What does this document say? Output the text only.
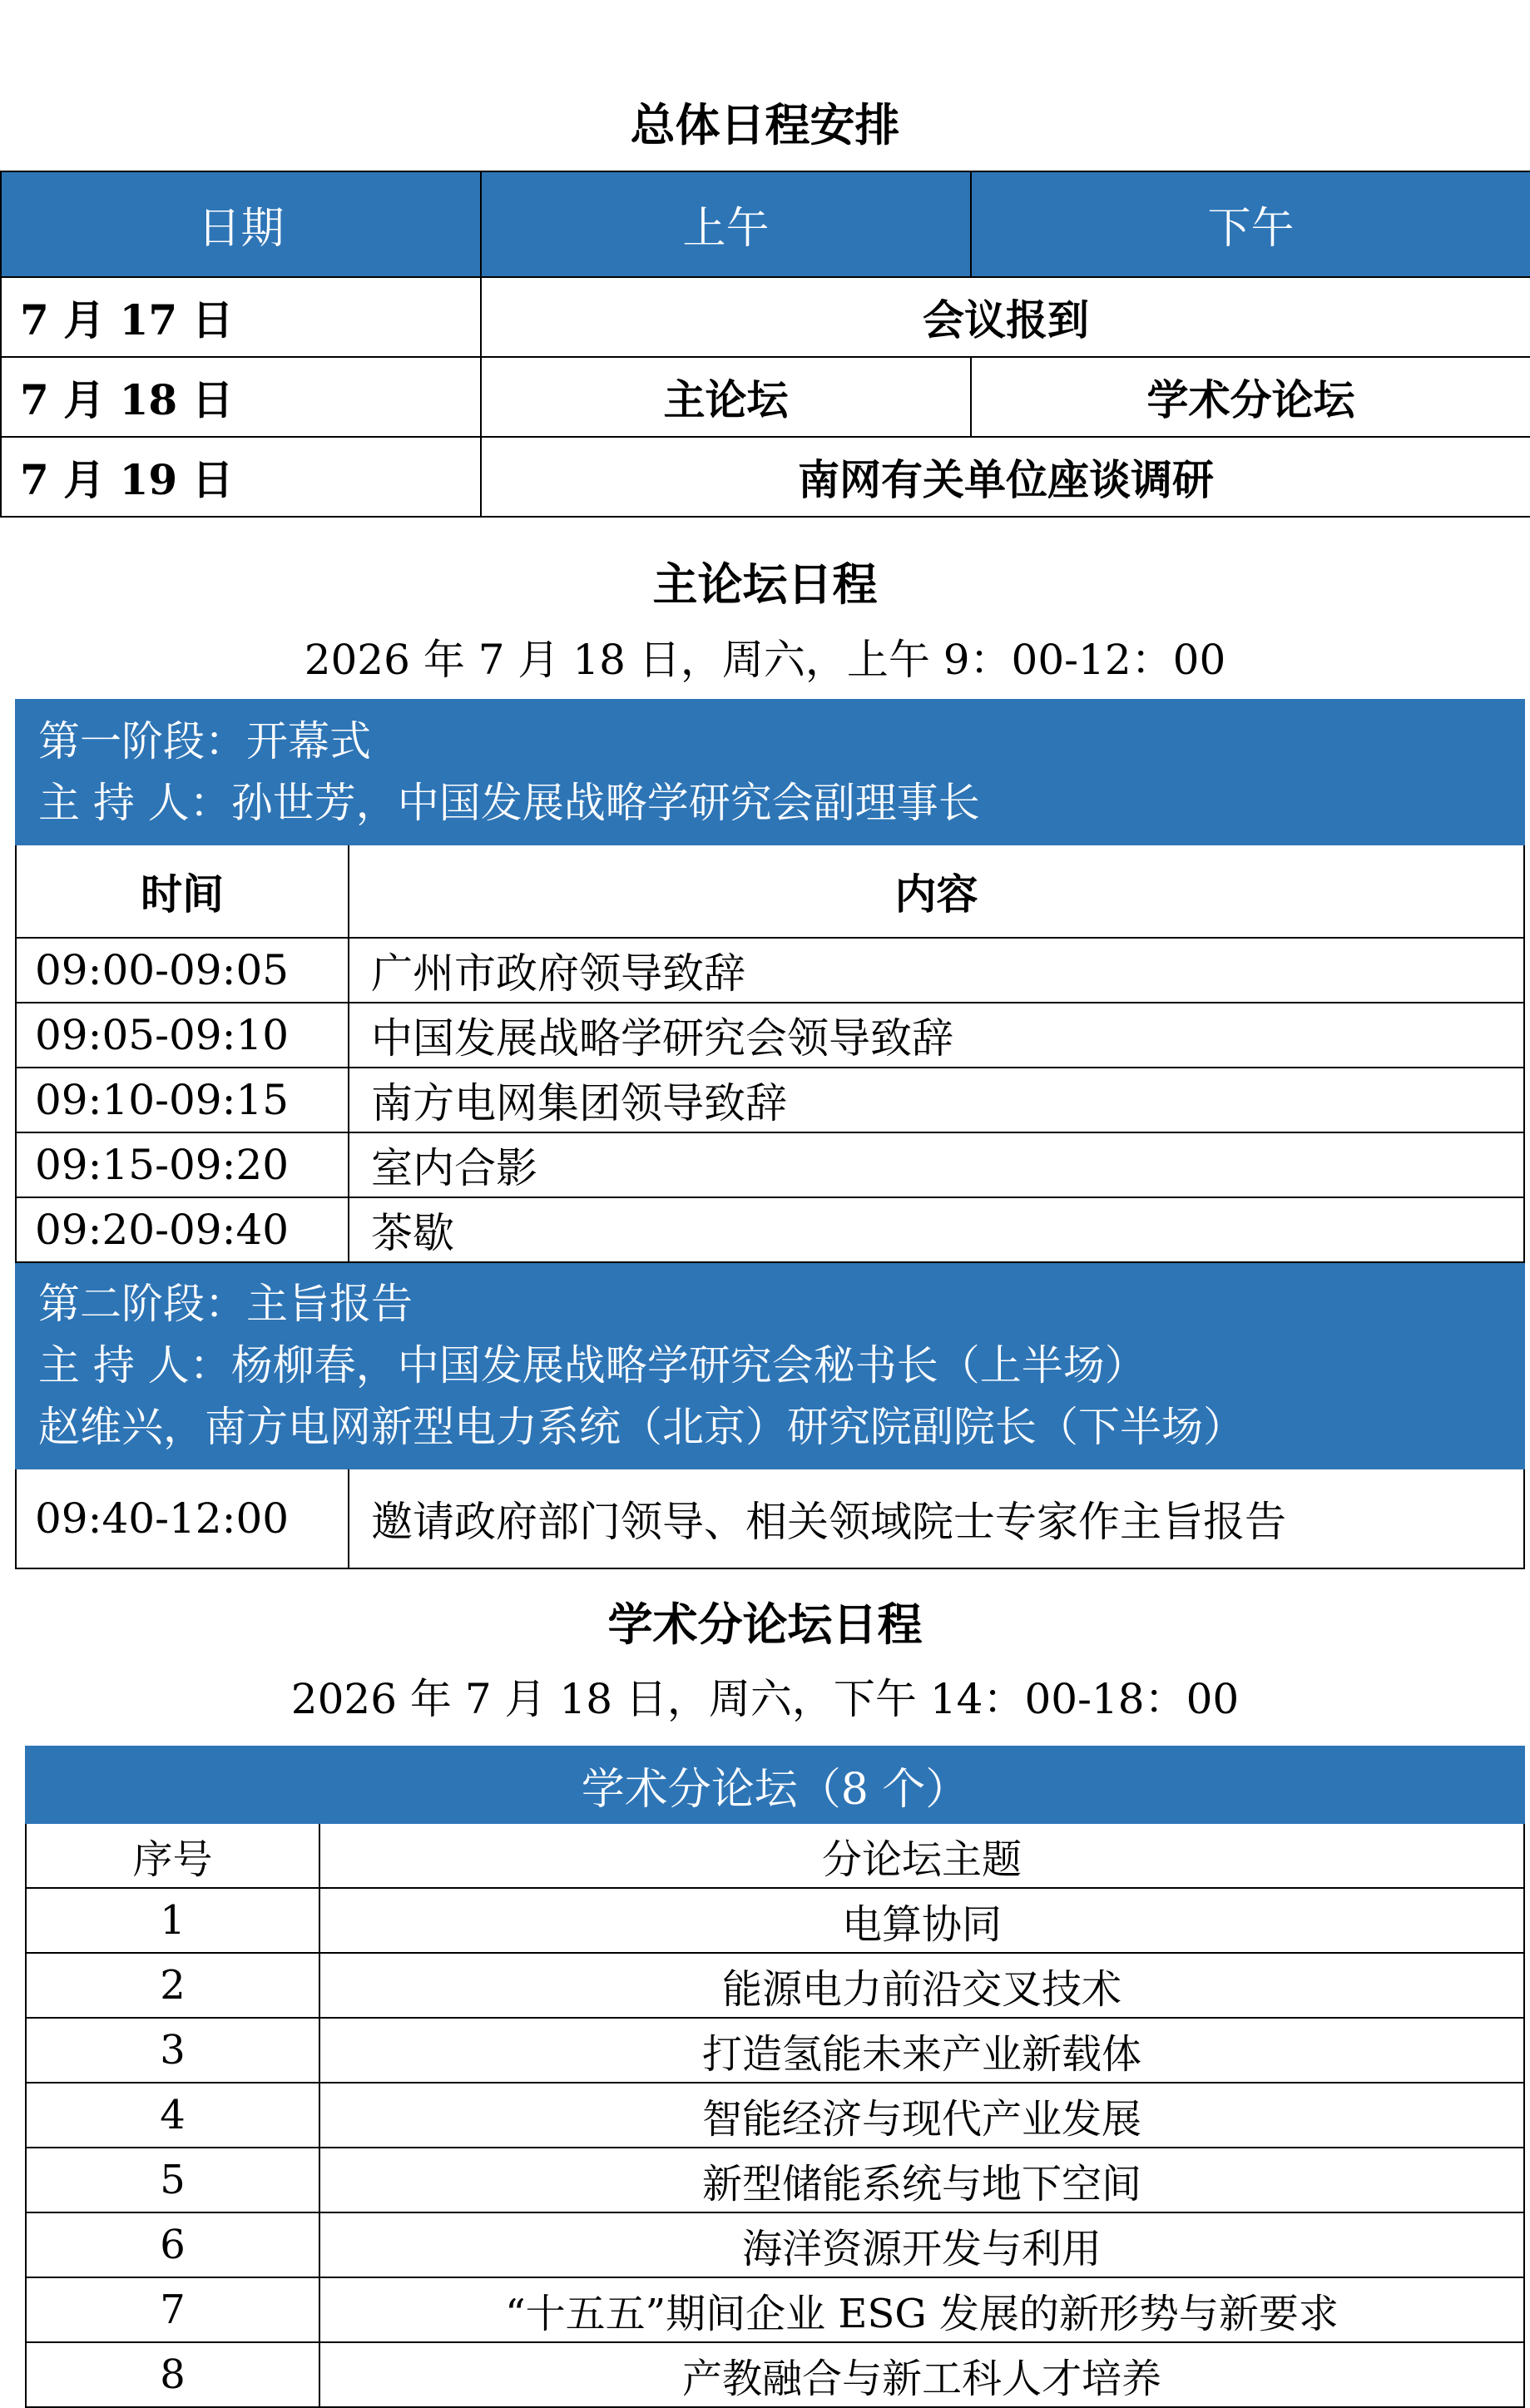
总体日程安排
日期	上午	下午
7 月 17 日	会议报到	
7 月 18 日	主论坛	学术分论坛
7 月 19 日	南网有关单位座谈调研	
主论坛日程
2026 年 7 月 18 日，周六，上午 9：00-12：00
第一阶段：开幕式
主 持 人：孙世芳，中国发展战略学研究会副理事长	

时间	内容
09:00-09:05	广州市政府领导致辞
09:05-09:10	中国发展战略学研究会领导致辞
09:10-09:15	南方电网集团领导致辞
09:15-09:20	室内合影
09:20-09:40	茶歇

第二阶段：主旨报告
主 持 人：杨柳春，中国发展战略学研究会秘书长（上半场）
赵维兴，南方电网新型电力系统（北京）研究院副院长（下半场）	

09:40-12:00	邀请政府部门领导、相关领域院士专家作主旨报告
学术分论坛日程
2026 年 7 月 18 日，周六，下午 14：00-18：00
学术分论坛（8 个）	
序号	分论坛主题
1	电算协同
2	能源电力前沿交叉技术
3	打造氢能未来产业新载体
4	智能经济与现代产业发展
5	新型储能系统与地下空间
6	海洋资源开发与利用
7	“十五五”期间企业 ESG 发展的新形势与新要求
8	产教融合与新工科人才培养
